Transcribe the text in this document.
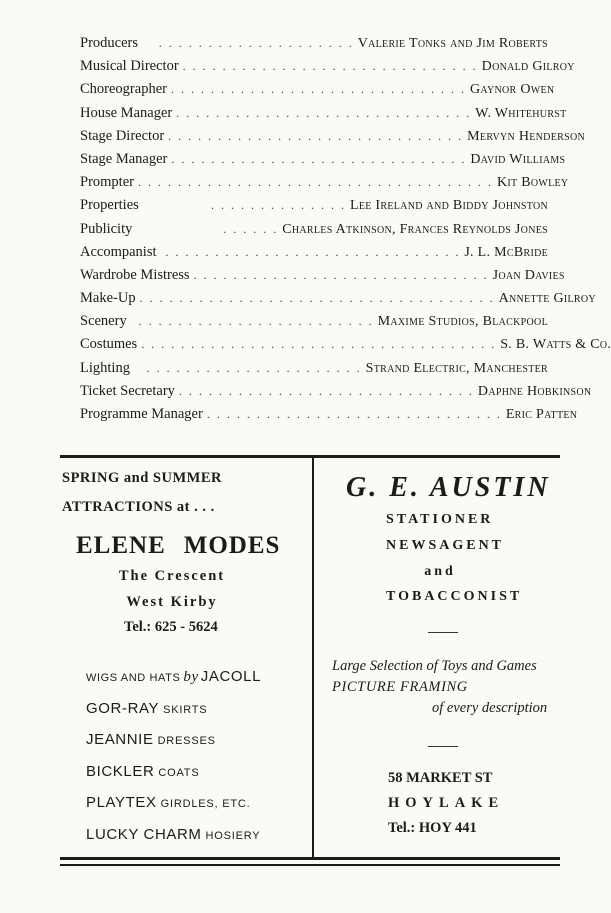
Producers	. . . . . . . . . . . . . . . . . . . . Valerie Tonks and Jim Roberts
Musical Director . . . . . . . . . . . . . . . . . . . . . . . . . . . . . . Donald Gilroy
Choreographer . . . . . . . . . . . . . . . . . . . . . . . . . . . . . . Gaynor Owen
House Manager . . . . . . . . . . . . . . . . . . . . . . . . . . . . . . W. Whitehurst
Stage Director . . . . . . . . . . . . . . . . . . . . . . . . . . . . . . Mervyn Henderson
Stage Manager . . . . . . . . . . . . . . . . . . . . . . . . . . . . . . David Williams
Prompter . . . . . . . . . . . . . . . . . . . . . . . . . . . . . . . . . . . . Kit Bowley
Properties	. . . . . . . . . . . . . . Lee Ireland and Biddy Johnston
Publicity	. . . . . . Charles Atkinson, Frances Reynolds Jones
Accompanist . . . . . . . . . . . . . . . . . . . . . . . . . . . . . . J. L. McBride
Wardrobe Mistress . . . . . . . . . . . . . . . . . . . . . . . . . . . . . . Joan Davies
Make-Up . . . . . . . . . . . . . . . . . . . . . . . . . . . . . . . . . . . . Annette Gilroy
Scenery . . . . . . . . . . . . . . . . . . . . . . . . Maxime Studios, Blackpool
Costumes . . . . . . . . . . . . . . . . . . . . . . . . . . . . . . . . . . . . S. B. Watts & Co.
Lighting	. . . . . . . . . . . . . . . . . . . . . . Strand Electric, Manchester
Ticket Secretary . . . . . . . . . . . . . . . . . . . . . . . . . . . . . . Daphne Hobkinson
Programme Manager . . . . . . . . . . . . . . . . . . . . . . . . . . . . . . Eric Patten
SPRING and SUMMER
ATTRACTIONS at . . .
ELENE MODES
The Crescent
West Kirby
Tel.: 625 - 5624
WIGS AND HATS by JACOLL
GOR-RAY SKIRTS
JEANNIE DRESSES
BICKLER COATS
PLAYTEX GIRDLES, ETC.
LUCKY CHARM HOSIERY
G. E. AUSTIN
STATIONER
NEWSAGENT
and
TOBACCONIST
Large Selection of Toys and Games
PICTURE FRAMING
of every description
58 MARKET ST
HOYLAKE
Tel.: HOY 441
